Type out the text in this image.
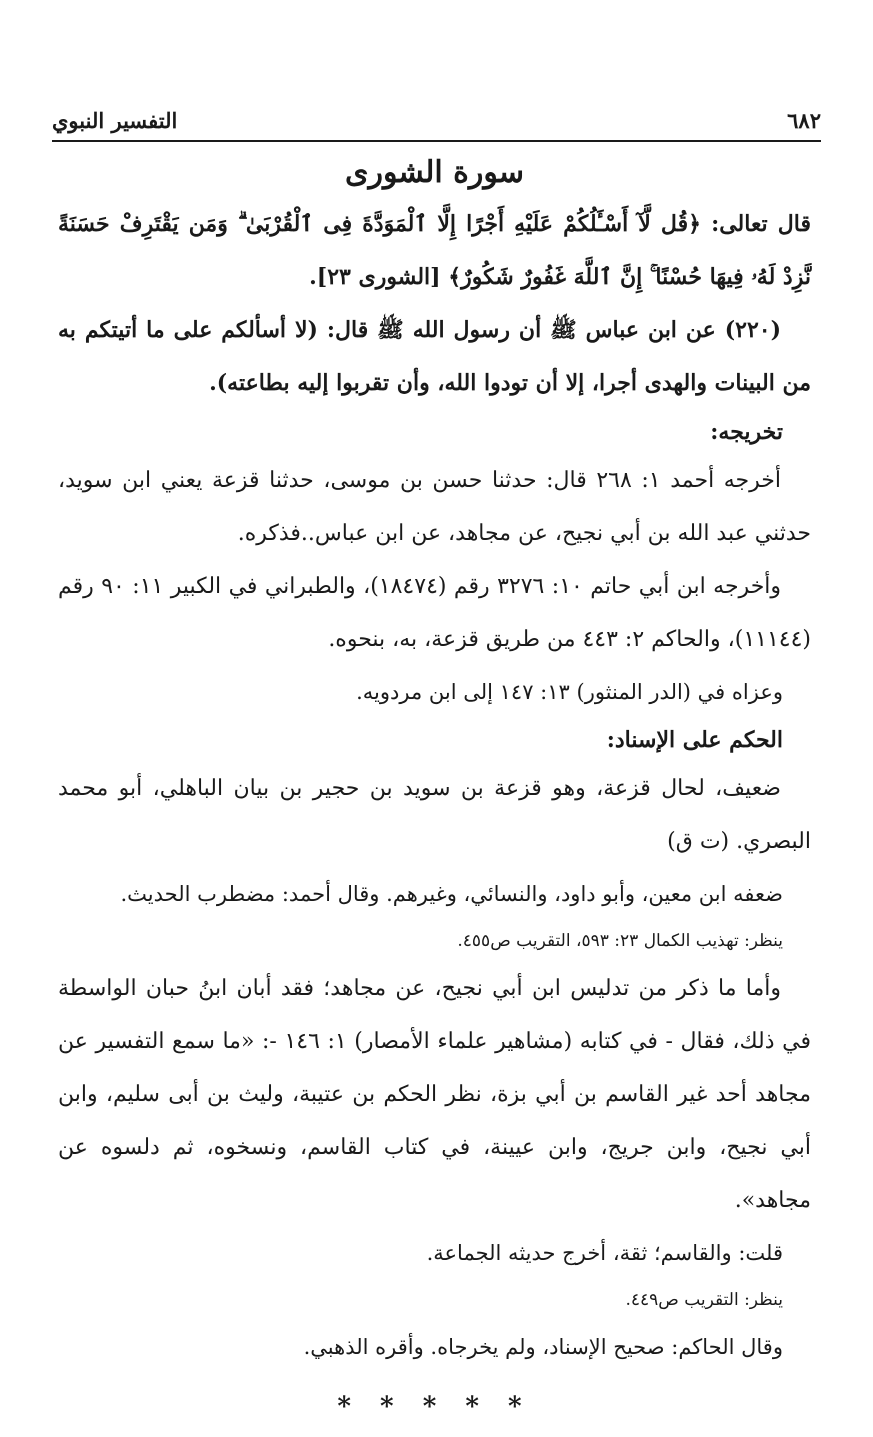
٦٨٢
التفسير النبوي
سورة الشورى

قال تعالى: ﴿قُل لَّآ أَسْـَٔلُكُمْ عَلَيْهِ أَجْرًا إِلَّا ٱلْمَوَدَّةَ فِى ٱلْقُرْبَىٰ ۗ وَمَن يَقْتَرِفْ حَسَنَةً نَّزِدْ لَهُۥ فِيهَا حُسْنًا ۚ إِنَّ ٱللَّهَ غَفُورٌ شَكُورٌ﴾ [الشورى ٢٣].

(٢٢٠) عن ابن عباس ﷺ أن رسول الله ﷺ قال: (لا أسألكم على ما أتيتكم به من البينات والهدى أجرا، إلا أن تودوا الله، وأن تقربوا إليه بطاعته).

تخريجه:

أخرجه أحمد ١: ٢٦٨ قال: حدثنا حسن بن موسى، حدثنا قزعة يعني ابن سويد، حدثني عبد الله بن أبي نجيح، عن مجاهد، عن ابن عباس..فذكره.

وأخرجه ابن أبي حاتم ١٠: ٣٢٧٦ رقم (١٨٤٧٤)، والطبراني في الكبير ١١: ٩٠ رقم (١١١٤٤)، والحاكم ٢: ٤٤٣ من طريق قزعة، به، بنحوه.

وعزاه في (الدر المنثور) ١٣: ١٤٧ إلى ابن مردويه.

الحكم على الإسناد:

ضعيف، لحال قزعة، وهو قزعة بن سويد بن حجير بن بيان الباهلي، أبو محمد البصري. (ت ق)

ضعفه ابن معين، وأبو داود، والنسائي، وغيرهم. وقال أحمد: مضطرب الحديث.

ينظر: تهذيب الكمال ٢٣: ٥٩٣، التقريب ص٤٥٥.

وأما ما ذكر من تدليس ابن أبي نجيح، عن مجاهد؛ فقد أبان ابنُ حبان الواسطة في ذلك، فقال - في كتابه (مشاهير علماء الأمصار) ١: ١٤٦ -: «ما سمع التفسير عن مجاهد أحد غير القاسم بن أبي بزة، نظر الحكم بن عتيبة، وليث بن أبى سليم، وابن أبي نجيح، وابن جريج، وابن عيينة، في كتاب القاسم، ونسخوه، ثم دلسوه عن مجاهد».

قلت: والقاسم؛ ثقة، أخرج حديثه الجماعة.

ينظر: التقريب ص٤٤٩.

وقال الحاكم: صحيح الإسناد، ولم يخرجاه. وأقره الذهبي.

* * * * *
